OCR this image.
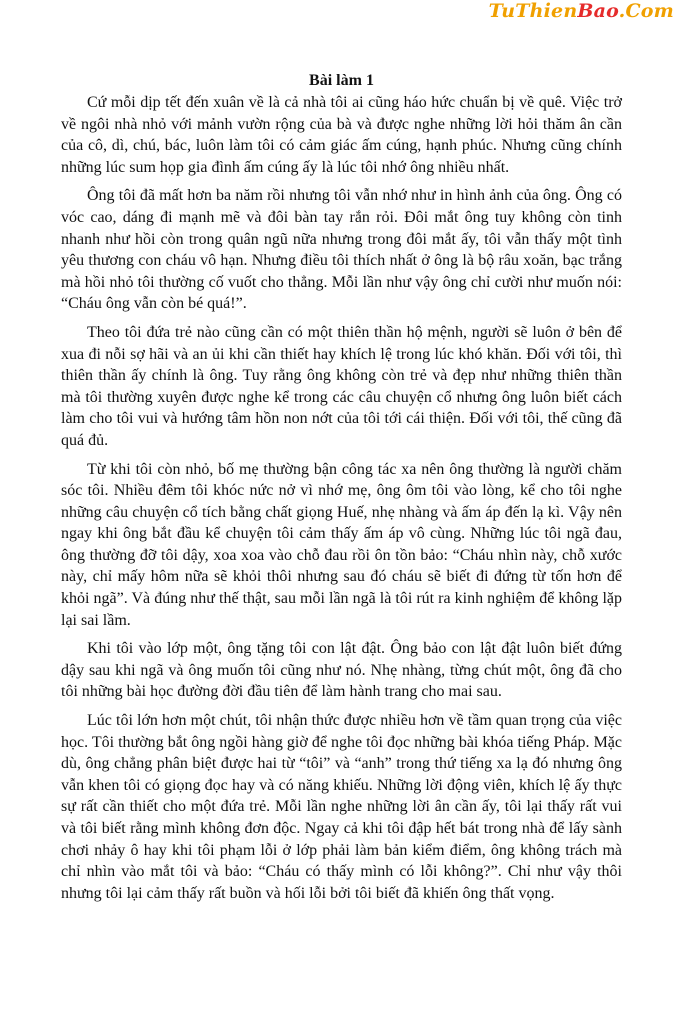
TuThienBao.Com
Bài làm 1

Cứ mỗi dịp tết đến xuân về là cả nhà tôi ai cũng háo hức chuẩn bị về quê. Việc trở về ngôi nhà nhỏ với mảnh vườn rộng của bà và được nghe những lời hỏi thăm ân cần của cô, dì, chú, bác, luôn làm tôi có cảm giác ấm cúng, hạnh phúc. Nhưng cũng chính những lúc sum họp gia đình ấm cúng ấy là lúc tôi nhớ ông nhiều nhất.

Ông tôi đã mất hơn ba năm rồi nhưng tôi vẫn nhớ như in hình ảnh của ông. Ông có vóc cao, dáng đi mạnh mẽ và đôi bàn tay rắn rỏi. Đôi mắt ông tuy không còn tinh nhanh như hồi còn trong quân ngũ nữa nhưng trong đôi mắt ấy, tôi vẫn thấy một tình yêu thương con cháu vô hạn. Nhưng điều tôi thích nhất ở ông là bộ râu xoăn, bạc trắng mà hồi nhỏ tôi thường cố vuốt cho thẳng. Mỗi lần như vậy ông chỉ cười như muốn nói: “Cháu ông vẫn còn bé quá!”.

Theo tôi đứa trẻ nào cũng cần có một thiên thần hộ mệnh, người sẽ luôn ở bên để xua đi nỗi sợ hãi và an ủi khi cần thiết hay khích lệ trong lúc khó khăn. Đối với tôi, thì thiên thần ấy chính là ông. Tuy rằng ông không còn trẻ và đẹp như những thiên thần mà tôi thường xuyên được nghe kể trong các câu chuyện cổ nhưng ông luôn biết cách làm cho tôi vui và hướng tâm hồn non nớt của tôi tới cái thiện. Đối với tôi, thế cũng đã quá đủ.

Từ khi tôi còn nhỏ, bố mẹ thường bận công tác xa nên ông thường là người chăm sóc tôi. Nhiều đêm tôi khóc nức nở vì nhớ mẹ, ông ôm tôi vào lòng, kể cho tôi nghe những câu chuyện cổ tích bằng chất giọng Huế, nhẹ nhàng và ấm áp đến lạ kì. Vậy nên ngay khi ông bắt đầu kể chuyện tôi cảm thấy ấm áp vô cùng. Những lúc tôi ngã đau, ông thường đỡ tôi dậy, xoa xoa vào chỗ đau rồi ôn tồn bảo: “Cháu nhìn này, chỗ xước này, chỉ mấy hôm nữa sẽ khỏi thôi nhưng sau đó cháu sẽ biết đi đứng từ tốn hơn để khỏi ngã”. Và đúng như thế thật, sau mỗi lần ngã là tôi rút ra kinh nghiệm để không lặp lại sai lầm.

Khi tôi vào lớp một, ông tặng tôi con lật đật. Ông bảo con lật đật luôn biết đứng dậy sau khi ngã và ông muốn tôi cũng như nó. Nhẹ nhàng, từng chút một, ông đã cho tôi những bài học đường đời đầu tiên để làm hành trang cho mai sau.

Lúc tôi lớn hơn một chút, tôi nhận thức được nhiều hơn về tầm quan trọng của việc học. Tôi thường bắt ông ngồi hàng giờ để nghe tôi đọc những bài khóa tiếng Pháp. Mặc dù, ông chẳng phân biệt được hai từ “tôi” và “anh” trong thứ tiếng xa lạ đó nhưng ông vẫn khen tôi có giọng đọc hay và có năng khiếu. Những lời động viên, khích lệ ấy thực sự rất cần thiết cho một đứa trẻ. Mỗi lần nghe những lời ân cần ấy, tôi lại thấy rất vui và tôi biết rằng mình không đơn độc. Ngay cả khi tôi đập hết bát trong nhà để lấy sành chơi nhảy ô hay khi tôi phạm lỗi ở lớp phải làm bản kiểm điểm, ông không trách mà chỉ nhìn vào mắt tôi và bảo: “Cháu có thấy mình có lỗi không?”. Chỉ như vậy thôi nhưng tôi lại cảm thấy rất buồn và hối lỗi bởi tôi biết đã khiến ông thất vọng.
